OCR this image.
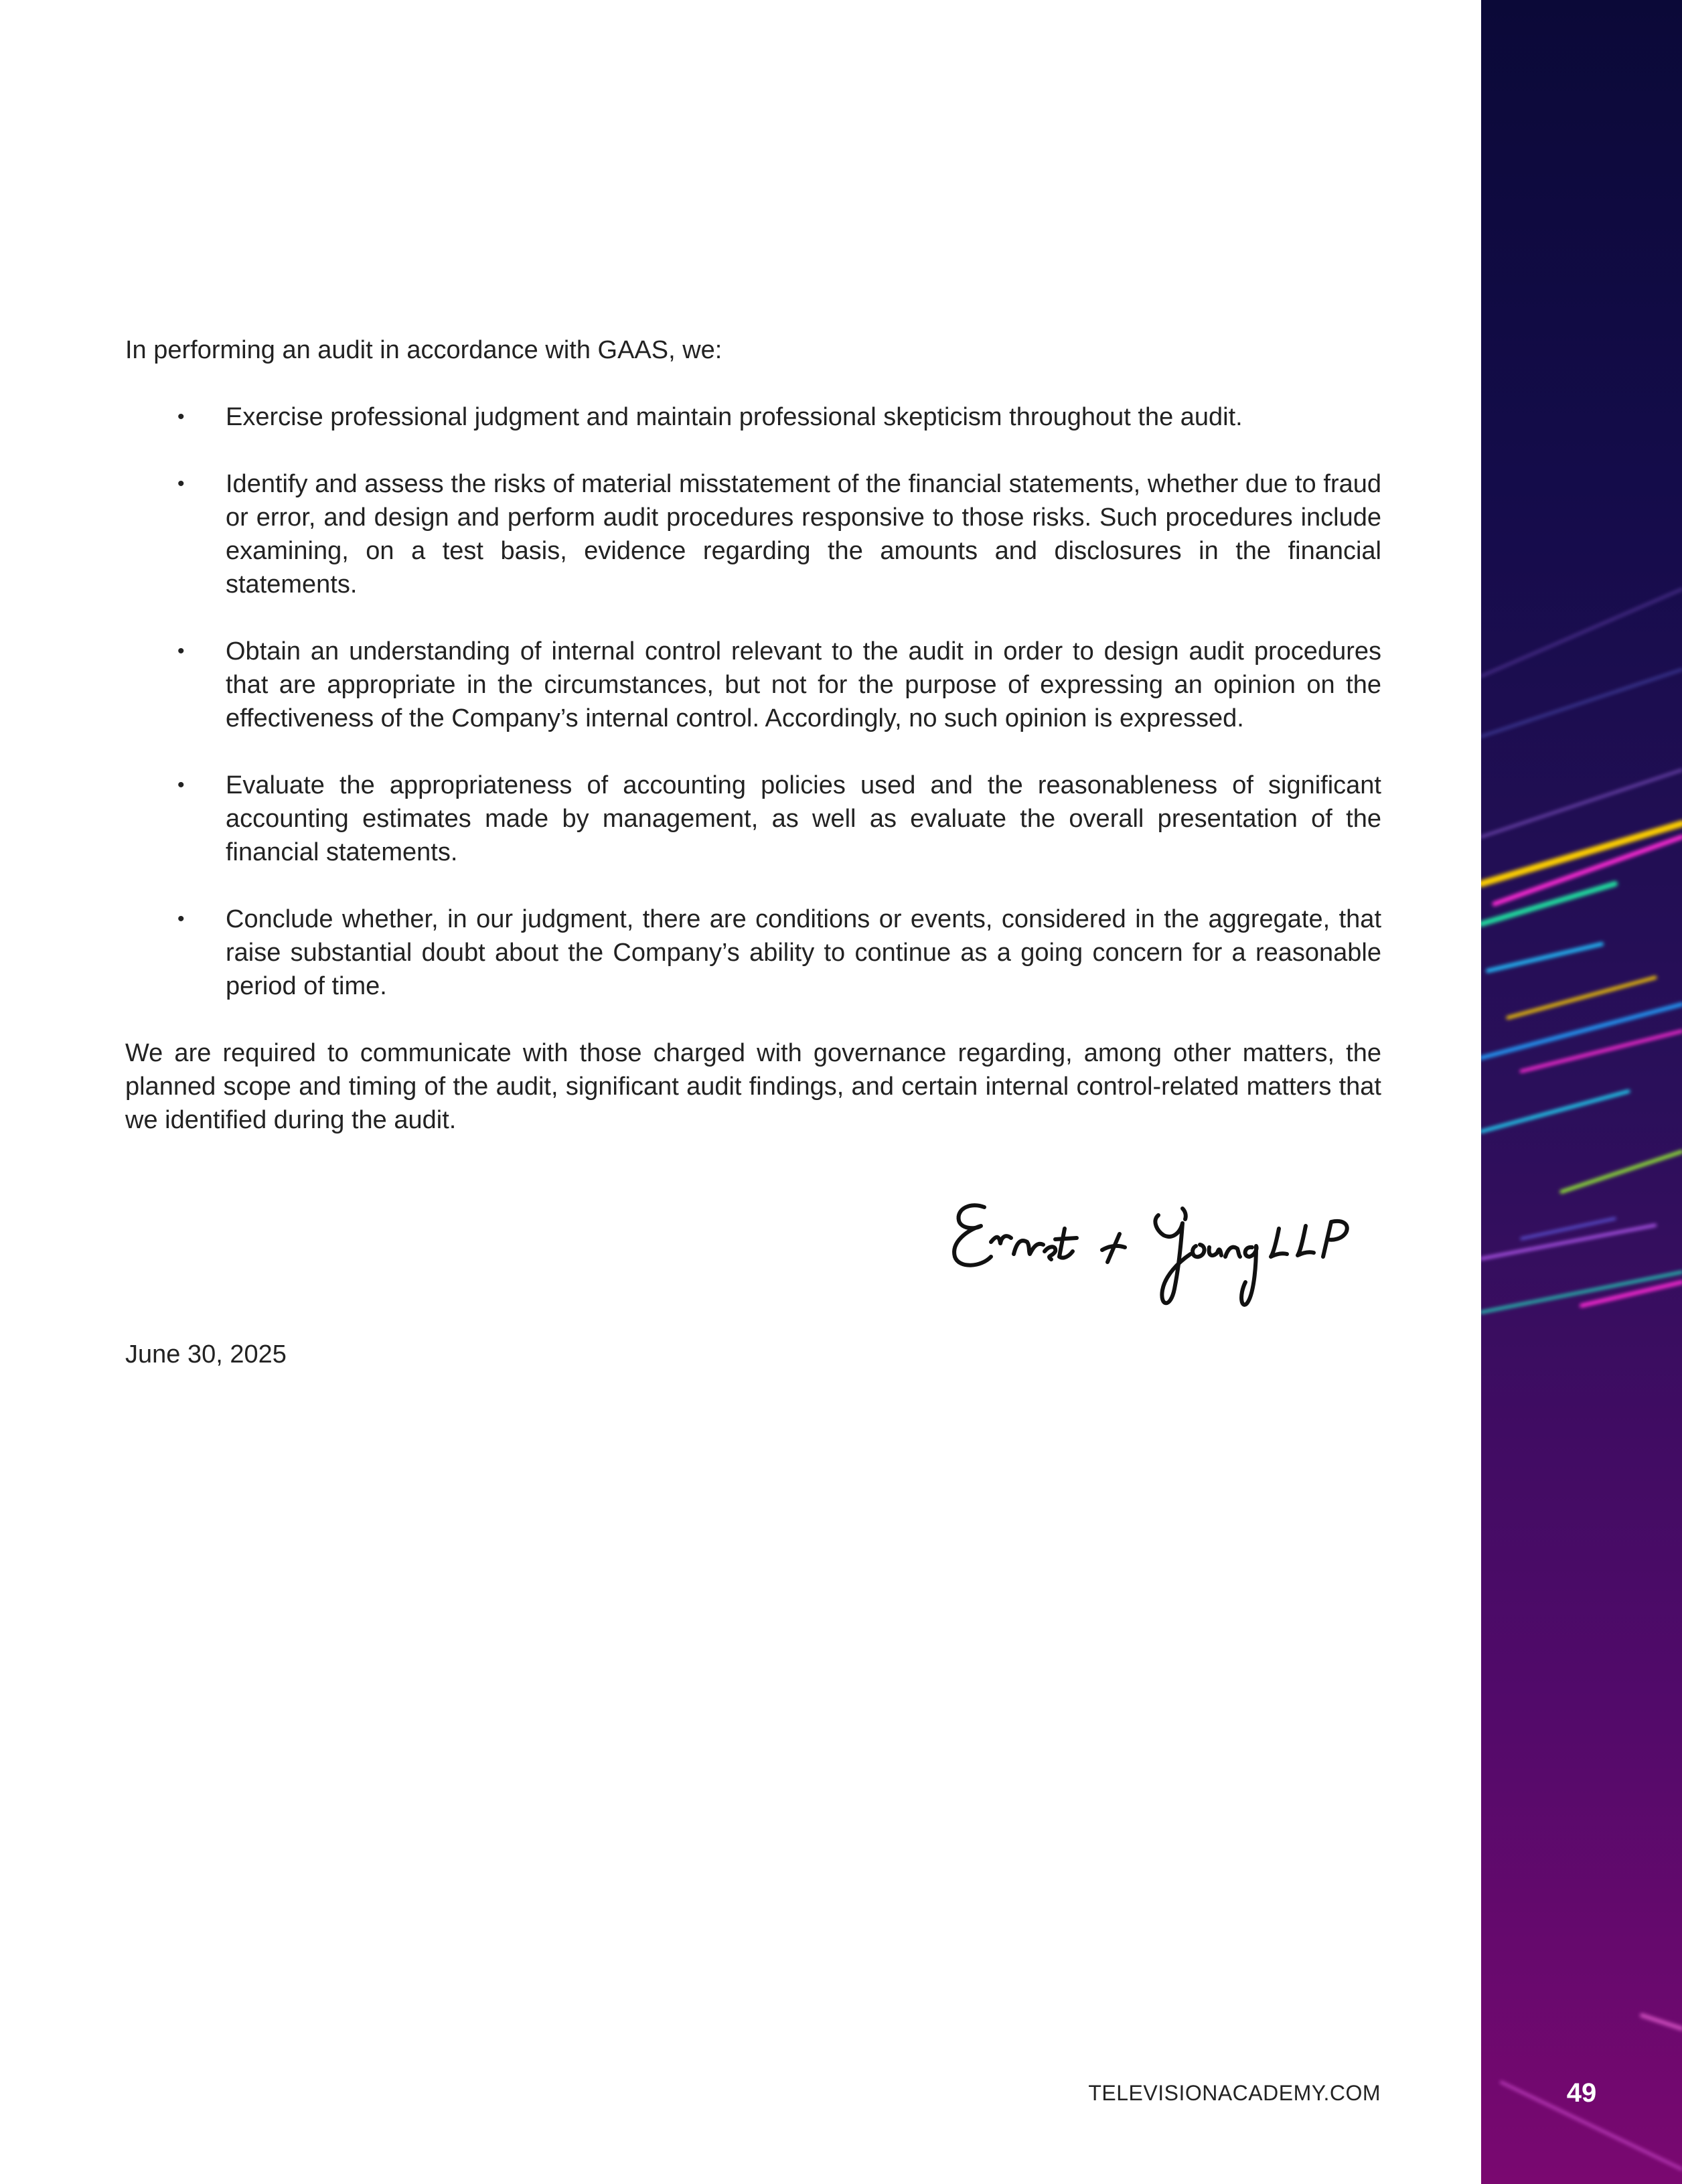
In performing an audit in accordance with GAAS, we:

• Exercise professional judgment and maintain professional skepticism throughout the audit.
• Identify and assess the risks of material misstatement of the financial statements, whether due to fraud or error, and design and perform audit procedures responsive to those risks. Such procedures include examining, on a test basis, evidence regarding the amounts and disclosures in the financial statements.
• Obtain an understanding of internal control relevant to the audit in order to design audit procedures that are appropriate in the circumstances, but not for the purpose of expressing an opinion on the effectiveness of the Company’s internal control. Accordingly, no such opinion is expressed.
• Evaluate the appropriateness of accounting policies used and the reasonableness of significant accounting estimates made by management, as well as evaluate the overall presentation of the financial statements.
• Conclude whether, in our judgment, there are conditions or events, considered in the aggregate, that raise substantial doubt about the Company’s ability to continue as a going concern for a reasonable period of time.

We are required to communicate with those charged with governance regarding, among other matters, the planned scope and timing of the audit, significant audit findings, and certain internal control-related matters that we identified during the audit.

June 30, 2025
TELEVISIONACADEMY.COM	49
